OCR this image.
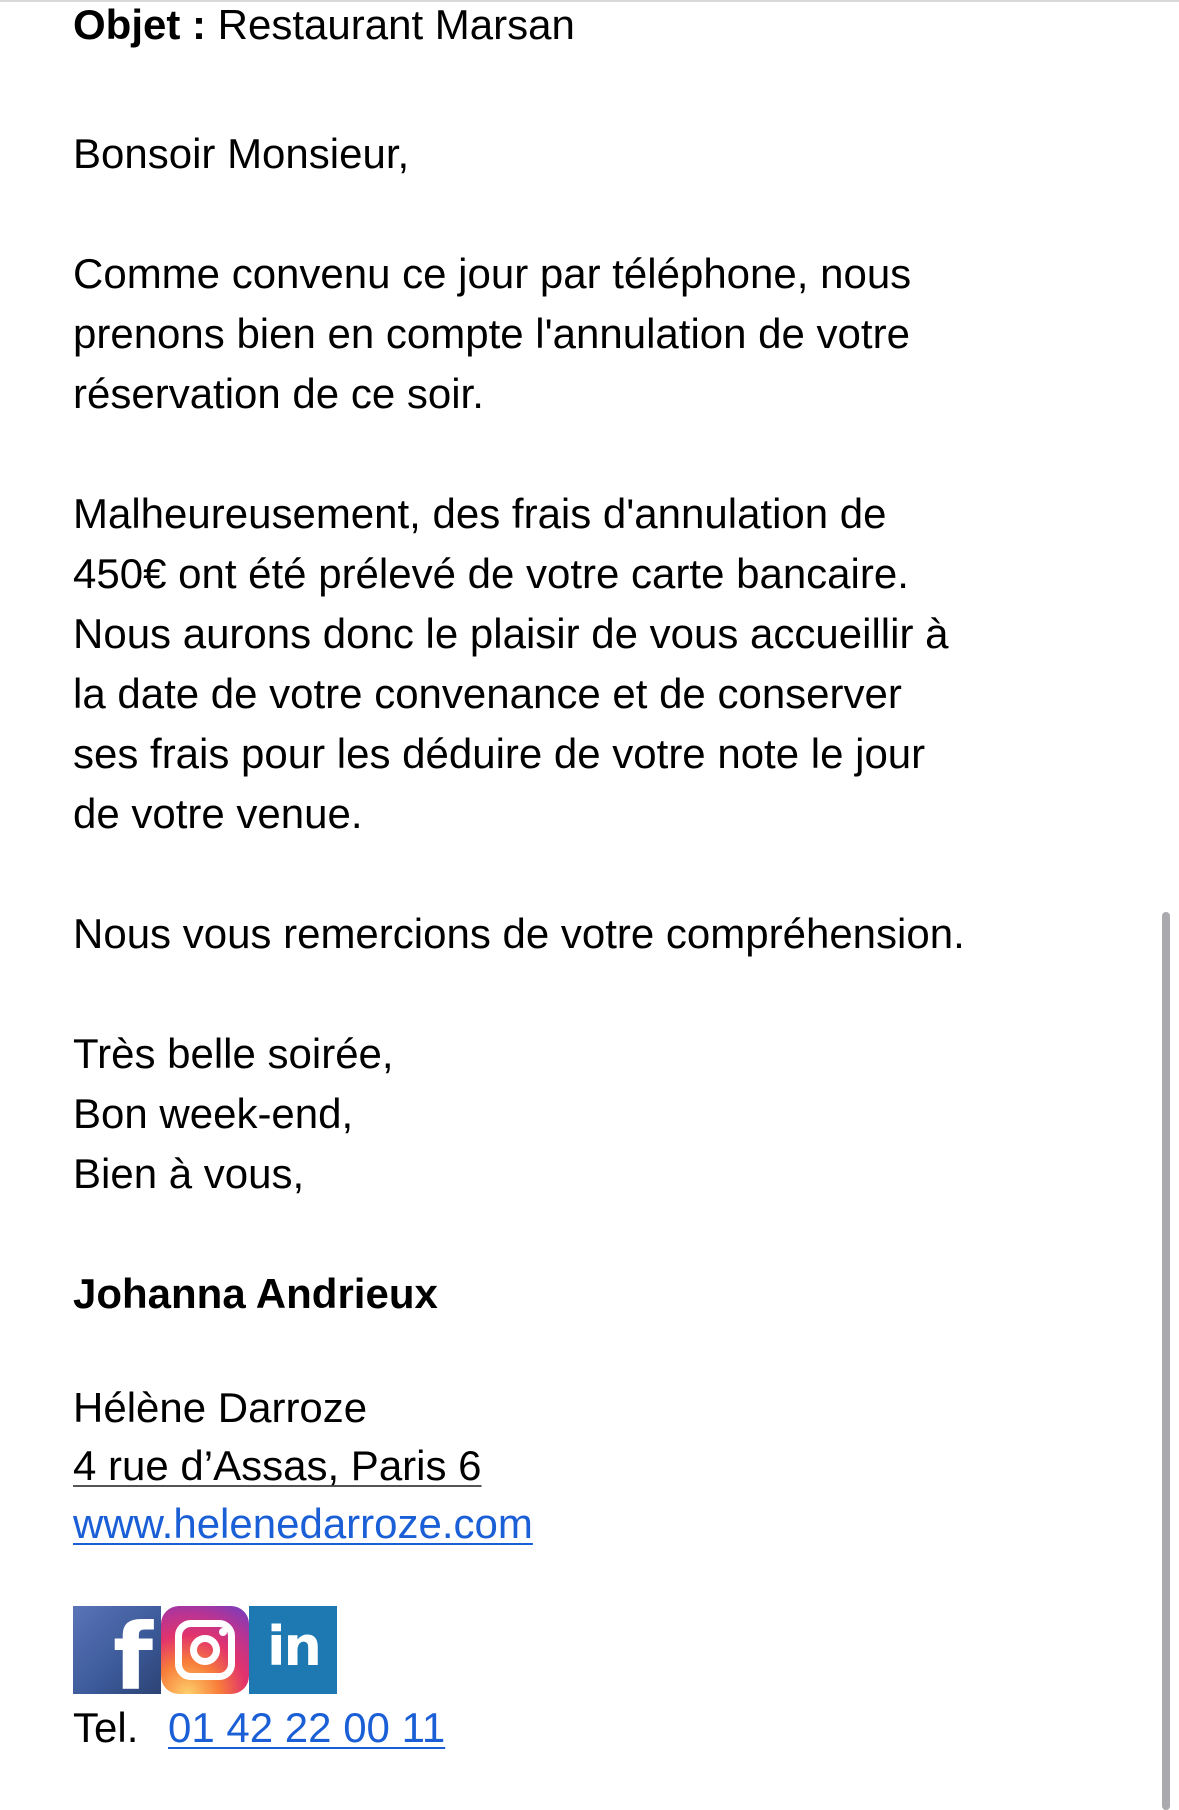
Objet : Restaurant Marsan
Bonsoir Monsieur,
Comme convenu ce jour par téléphone, nous
prenons bien en compte l'annulation de votre
réservation de ce soir.
Malheureusement, des frais d'annulation de
450€ ont été prélevé de votre carte bancaire.
Nous aurons donc le plaisir de vous accueillir à
la date de votre convenance et de conserver
ses frais pour les déduire de votre note le jour
de votre venue.
Nous vous remercions de votre compréhension.
Très belle soirée,
Bon week-end,
Bien à vous,
Johanna Andrieux
Hélène Darroze
4 rue d’Assas, Paris 6
www.helenedarroze.com
f in
Tel. 01 42 22 00 11
